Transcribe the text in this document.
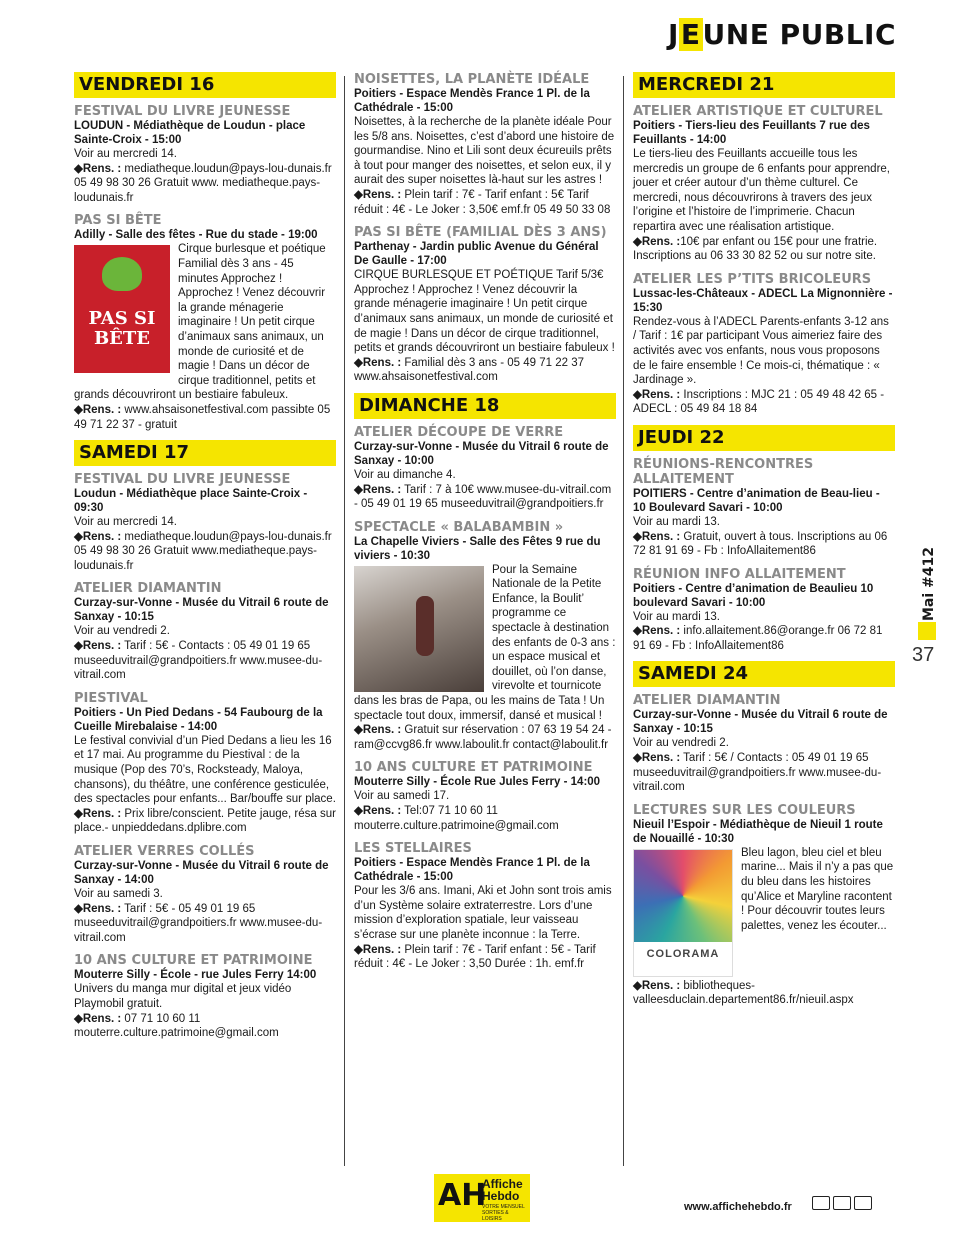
JEUNE PUBLIC
VENDREDI 16
FESTIVAL DU LIVRE JEUNESSE
LOUDUN - Médiathèque de Loudun - place Sainte-Croix - 15:00
Voir au mercredi 14.
◆Rens. : mediatheque.loudun@pays-lou-dunais.fr 05 49 98 30 26 Gratuit www. mediatheque.pays-loudunais.fr
PAS SI BÊTE
Adilly - Salle des fêtes - Rue du stade - 19:00
PAS SI BÊTE
Cirque burlesque et poétique Familial dès 3 ans - 45 minutes Approchez ! Approchez ! Venez découvrir la grande ménagerie imaginaire ! Un petit cirque d’animaux sans animaux, un monde de curiosité et de magie ! Dans un décor de cirque traditionnel, petits et grands découvriront un bestiaire fabuleux.
◆Rens. : www.ahsaisonetfestival.com passibte 05 49 71 22 37 - gratuit
SAMEDI 17
FESTIVAL DU LIVRE JEUNESSE
Loudun - Médiathèque place Sainte-Croix - 09:30
Voir au mercredi 14.
◆Rens. : mediatheque.loudun@pays-lou-dunais.fr 05 49 98 30 26 Gratuit www.mediatheque.pays-loudunais.fr
ATELIER DIAMANTIN
Curzay-sur-Vonne - Musée du Vitrail 6 route de Sanxay - 10:15
Voir au vendredi 2.
◆Rens. : Tarif : 5€ - Contacts : 05 49 01 19 65 museeduvitrail@grandpoitiers.fr www.musee-du-vitrail.com
PIESTIVAL
Poitiers - Un Pied Dedans - 54 Faubourg de la Cueille Mirebalaise - 14:00
Le festival convivial d’un Pied Dedans a lieu les 16 et 17 mai. Au programme du Piestival : de la musique (Pop des 70’s, Rocksteady, Maloya, chansons), du théâtre, une conférence gesticulée, des spectacles pour enfants... Bar/bouffe sur place.
◆Rens. : Prix libre/conscient. Petite jauge, résa sur place.- unpieddedans.dplibre.com
ATELIER VERRES COLLÉS
Curzay-sur-Vonne - Musée du Vitrail 6 route de Sanxay - 14:00
Voir au samedi 3.
◆Rens. : Tarif : 5€ - 05 49 01 19 65 museeduvitrail@grandpoitiers.fr www.musee-du-vitrail.com
10 ANS CULTURE ET PATRIMOINE
Mouterre Silly - École - rue Jules Ferry 14:00
Univers du manga mur digital et jeux vidéo Playmobil gratuit.
◆Rens. : 07 71 10 60 11 mouterre.culture.patrimoine@gmail.com
NOISETTES, LA PLANÈTE IDÉALE
Poitiers - Espace Mendès France 1 Pl. de la Cathédrale - 15:00
Noisettes, à la recherche de la planète idéale Pour les 5/8 ans. Noisettes, c’est d’abord une histoire de gourmandise. Nino et Lili sont deux écureuils prêts à tout pour manger des noisettes, et selon eux, il y aurait des super noisettes là-haut sur les astres !
◆Rens. : Plein tarif : 7€ - Tarif enfant : 5€ Tarif réduit : 4€ - Le Joker : 3,50€ emf.fr 05 49 50 33 08
PAS SI BÊTE (FAMILIAL DÈS 3 ANS)
Parthenay - Jardin public Avenue du Général De Gaulle - 17:00
CIRQUE BURLESQUE ET POÉTIQUE Tarif 5/3€ Approchez ! Approchez ! Venez découvrir la grande ménagerie imaginaire ! Un petit cirque d’animaux sans animaux, un monde de curiosité et de magie ! Dans un décor de cirque traditionnel, petits et grands découvriront un bestiaire fabuleux !
◆Rens. : Familial dès 3 ans - 05 49 71 22 37 www.ahsaisonetfestival.com
DIMANCHE 18
ATELIER DÉCOUPE DE VERRE
Curzay-sur-Vonne - Musée du Vitrail 6 route de Sanxay - 10:00
Voir au dimanche 4.
◆Rens. : Tarif : 7 à 10€ www.musee-du-vitrail.com - 05 49 01 19 65 museeduvitrail@grandpoitiers.fr
SPECTACLE « BALABAMBIN »
La Chapelle Viviers - Salle des Fêtes 9 rue du viviers - 10:30
Pour la Semaine Nationale de la Petite Enfance, la Boulit’ programme ce spectacle à destination des enfants de 0-3 ans : un espace musical et douillet, où l’on danse, virevolte et tournicote dans les bras de Papa, ou les mains de Tata ! Un spectacle tout doux, immersif, dansé et musical !
◆Rens. : Gratuit sur réservation : 07 63 19 54 24 - ram@ccvg86.fr www.laboulit.fr contact@laboulit.fr
10 ANS CULTURE ET PATRIMOINE
Mouterre Silly - École Rue Jules Ferry - 14:00
Voir au samedi 17.
◆Rens. : Tel:07 71 10 60 11 mouterre.culture.patrimoine@gmail.com
LES STELLAIRES
Poitiers - Espace Mendès France 1 Pl. de la Cathédrale - 15:00
Pour les 3/6 ans. Imani, Aki et John sont trois amis d’un Système solaire extraterrestre. Lors d’une mission d’exploration spatiale, leur vaisseau s’écrase sur une planète inconnue : la Terre.
◆Rens. : Plein tarif : 7€ - Tarif enfant : 5€ - Tarif réduit : 4€ - Le Joker : 3,50 Durée : 1h. emf.fr
MERCREDI 21
ATELIER ARTISTIQUE ET CULTUREL
Poitiers - Tiers-lieu des Feuillants 7 rue des Feuillants - 14:00
Le tiers-lieu des Feuillants accueille tous les mercredis un groupe de 6 enfants pour apprendre, jouer et créer autour d’un thème culturel. Ce mercredi, nous découvrirons à travers des jeux l’origine et l’histoire de l’imprimerie. Chacun repartira avec une réalisation artistique.
◆Rens. :10€ par enfant ou 15€ pour une fratrie. Inscriptions au 06 33 30 82 52 ou sur notre site.
ATELIER LES P’TITS BRICOLEURS
Lussac-les-Châteaux - ADECL La Mignonnière - 15:30
Rendez-vous à l’ADECL Parents-enfants 3-12 ans / Tarif : 1€ par participant Vous aimeriez faire des activités avec vos enfants, nous vous proposons de le faire ensemble ! Ce mois-ci, thématique : « Jardinage ».
◆Rens. : Inscriptions : MJC 21 : 05 49 48 42 65 - ADECL : 05 49 84 18 84
JEUDI 22
RÉUNIONS-RENCONTRES ALLAITEMENT
POITIERS - Centre d’animation de Beau-lieu - 10 Boulevard Savari - 10:00
Voir au mardi 13.
◆Rens. : Gratuit, ouvert à tous. Inscriptions au 06 72 81 91 69 - Fb : InfoAllaitement86
RÉUNION INFO ALLAITEMENT
Poitiers - Centre d’animation de Beaulieu 10 boulevard Savari - 10:00
Voir au mardi 13.
◆Rens. : info.allaitement.86@orange.fr 06 72 81 91 69 - Fb : InfoAllaitement86
SAMEDI 24
ATELIER DIAMANTIN
Curzay-sur-Vonne - Musée du Vitrail 6 route de Sanxay - 10:15
Voir au vendredi 2.
◆Rens. : Tarif : 5€ / Contacts : 05 49 01 19 65 museeduvitrail@grandpoitiers.fr www.musee-du-vitrail.com
LECTURES SUR LES COULEURS
Nieuil l’Espoir - Médiathèque de Nieuil 1 route de Nouaillé - 10:30
COLORAMA
Bleu lagon, bleu ciel et bleu marine... Mais il n’y a pas que du bleu dans les histoires qu’Alice et Maryline racontent ! Pour découvrir toutes leurs palettes, venez les écouter...
◆Rens. : bibliotheques-valleesduclain.departement86.fr/nieuil.aspx
Mai #412
37
AH
Affiche Hebdo
VOTRE MENSUEL SORTIES & LOISIRS
www.affichehebdo.fr
